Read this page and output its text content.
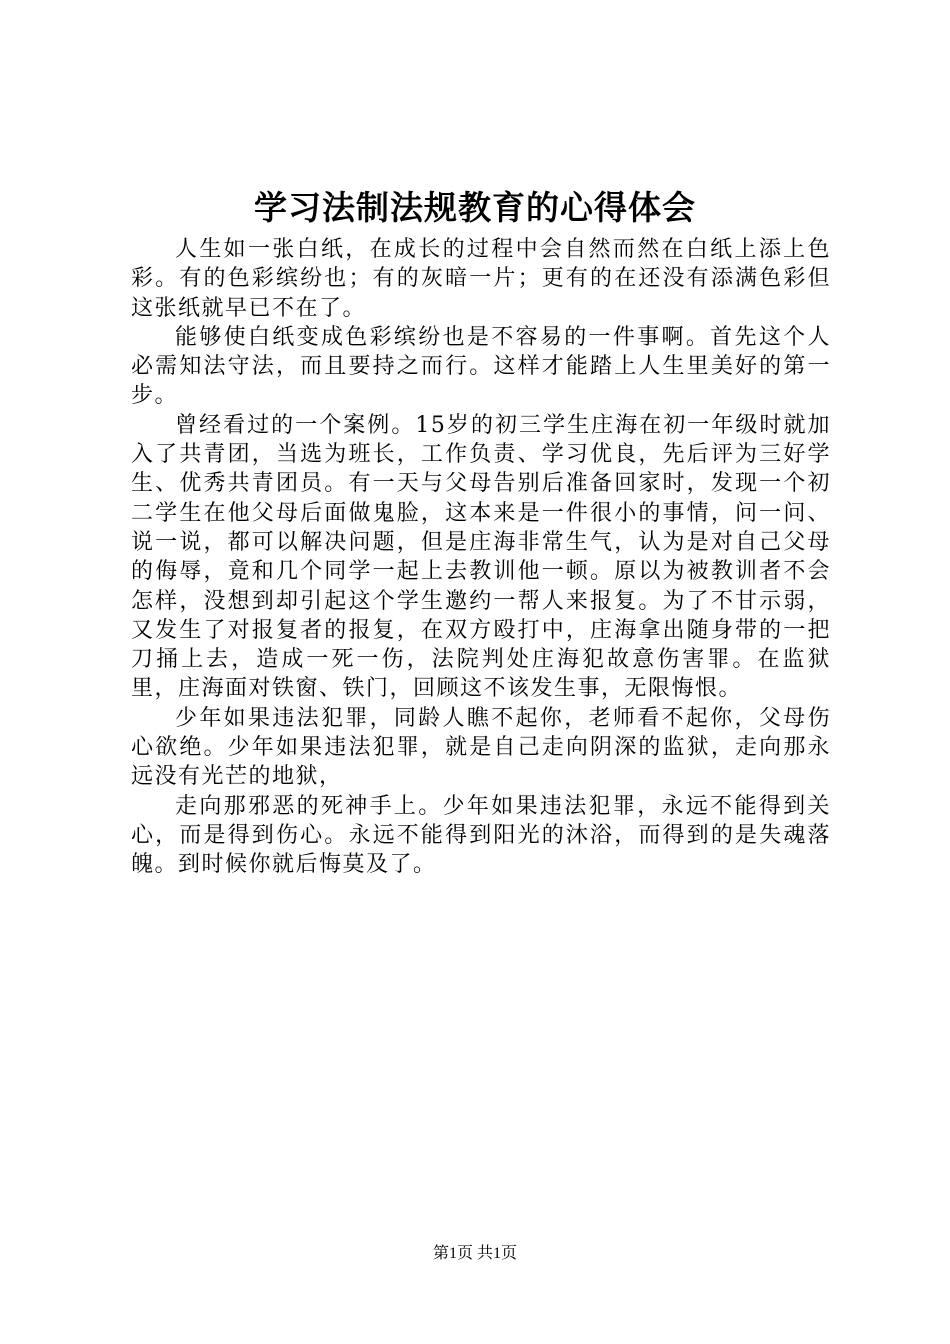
学习法制法规教育的心得体会

人生如一张白纸，在成长的过程中会自然而然在白纸上添上色彩。有的色彩缤纷也；有的灰暗一片；更有的在还没有添满色彩但这张纸就早已不在了。

能够使白纸变成色彩缤纷也是不容易的一件事啊。首先这个人必需知法守法，而且要持之而行。这样才能踏上人生里美好的第一步。

曾经看过的一个案例。15岁的初三学生庄海在初一年级时就加入了共青团，当选为班长，工作负责、学习优良，先后评为三好学生、优秀共青团员。有一天与父母告别后准备回家时，发现一个初二学生在他父母后面做鬼脸，这本来是一件很小的事情，问一问、说一说，都可以解决问题，但是庄海非常生气，认为是对自己父母的侮辱，竟和几个同学一起上去教训他一顿。原以为被教训者不会怎样，没想到却引起这个学生邀约一帮人来报复。为了不甘示弱，又发生了对报复者的报复，在双方殴打中，庄海拿出随身带的一把刀捅上去，造成一死一伤，法院判处庄海犯故意伤害罪。在监狱里，庄海面对铁窗、铁门，回顾这不该发生事，无限悔恨。

少年如果违法犯罪，同龄人瞧不起你，老师看不起你，父母伤心欲绝。少年如果违法犯罪，就是自己走向阴深的监狱，走向那永远没有光芒的地狱，

走向那邪恶的死神手上。少年如果违法犯罪，永远不能得到关心，而是得到伤心。永远不能得到阳光的沐浴，而得到的是失魂落魄。到时候你就后悔莫及了。

第1页 共1页
